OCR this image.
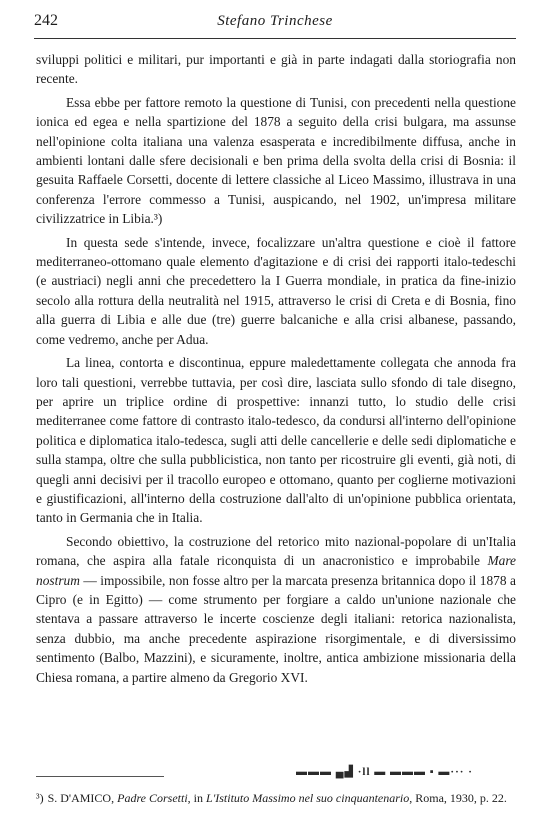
242	Stefano Trinchese

sviluppi politici e militari, pur importanti e già in parte indagati dalla storiografia non recente.

Essa ebbe per fattore remoto la questione di Tunisi, con precedenti nella questione ionica ed egea e nella spartizione del 1878 a seguito della crisi bulgara, ma assunse nell'opinione colta italiana una valenza esasperata e incredibilmente diffusa, anche in ambienti lontani dalle sfere decisionali e ben prima della svolta della crisi di Bosnia: il gesuita Raffaele Corsetti, docente di lettere classiche al Liceo Massimo, illustrava in una conferenza l'errore commesso a Tunisi, auspicando, nel 1902, un'impresa militare civilizzatrice in Libia.³)

In questa sede s'intende, invece, focalizzare un'altra questione e cioè il fattore mediterraneo-ottomano quale elemento d'agitazione e di crisi dei rapporti italo-tedeschi (e austriaci) negli anni che precedettero la I Guerra mondiale, in pratica da fine-inizio secolo alla rottura della neutralità nel 1915, attraverso le crisi di Creta e di Bosnia, fino alla guerra di Libia e alle due (tre) guerre balcaniche e alla crisi albanese, passando, come vedremo, anche per Adua.

La linea, contorta e discontinua, eppure maledettamente collegata che annoda fra loro tali questioni, verrebbe tuttavia, per così dire, lasciata sullo sfondo di tale disegno, per aprire un triplice ordine di prospettive: innanzi tutto, lo studio delle crisi mediterranee come fattore di contrasto italo-tedesco, da condursi all'interno dell'opinione politica e diplomatica italo-tedesca, sugli atti delle cancellerie e delle sedi diplomatiche e sulla stampa, oltre che sulla pubblicistica, non tanto per ricostruire gli eventi, già noti, di quegli anni decisivi per il tracollo europeo e ottomano, quanto per coglierne motivazioni e giustificazioni, all'interno della costruzione dall'alto di un'opinione pubblica orientata, tanto in Germania che in Italia.

Secondo obiettivo, la costruzione del retorico mito nazional-popolare di un'Italia romana, che aspira alla fatale riconquista di un anacronistico e improbabile Mare nostrum — impossibile, non fosse altro per la marcata presenza britannica dopo il 1878 a Cipro (e in Egitto) — come strumento per forgiare a caldo un'unione nazionale che stentava a passare attraverso le incerte coscienze degli italiani: retorica nazionalista, senza dubbio, ma anche precedente aspirazione risorgimentale, e di diversissimo sentimento (Balbo, Mazzini), e sicuramente, inoltre, antica ambizione missionaria della Chiesa romana, a partire almeno da Gregorio XVI.

▬▬▬ ▄▟ ·ll ▬ ▬▬▬ ▪ ▬··· ·

³) S. D'AMICO, Padre Corsetti, in L'Istituto Massimo nel suo cinquantenario, Roma, 1930, p. 22.
